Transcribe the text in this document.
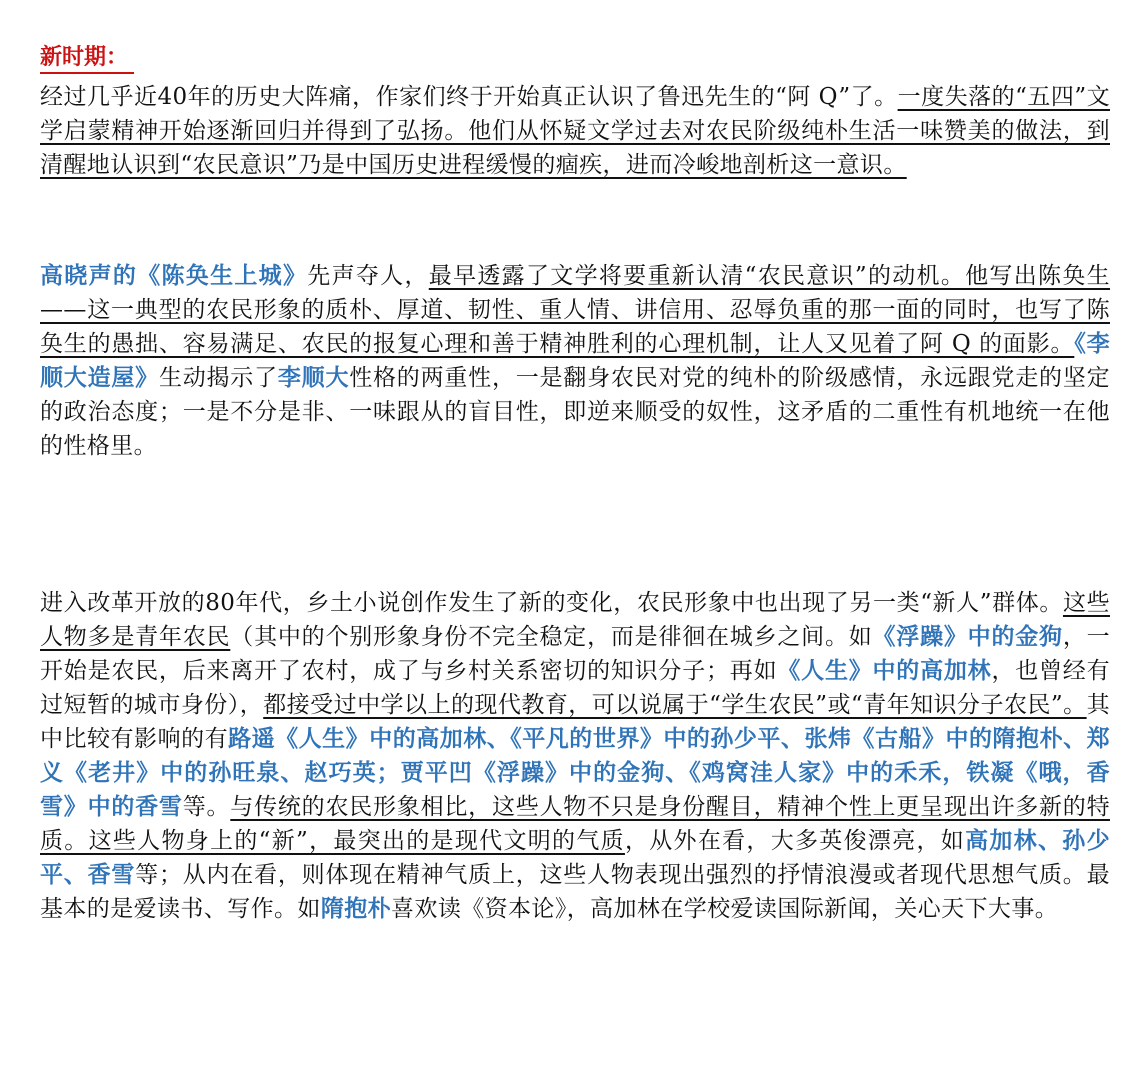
新时期：

经过几乎近40年的历史大阵痛，作家们终于开始真正认识了鲁迅先生的“阿 Q”了。一度失落的“五四”文学启蒙精神开始逐渐回归并得到了弘扬。他们从怀疑文学过去对农民阶级纯朴生活一味赞美的做法，到清醒地认识到“农民意识”乃是中国历史进程缓慢的痼疾，进而冷峻地剖析这一意识。

高晓声的《陈奂生上城》先声夺人，最早透露了文学将要重新认清“农民意识”的动机。他写出陈奂生——这一典型的农民形象的质朴、厚道、韧性、重人情、讲信用、忍辱负重的那一面的同时，也写了陈奂生的愚拙、容易满足、农民的报复心理和善于精神胜利的心理机制，让人又见着了阿 Q 的面影。《李顺大造屋》生动揭示了李顺大性格的两重性，一是翻身农民对党的纯朴的阶级感情，永远跟党走的坚定的政治态度；一是不分是非、一味跟从的盲目性，即逆来顺受的奴性，这矛盾的二重性有机地统一在他的性格里。

进入改革开放的80年代，乡土小说创作发生了新的变化，农民形象中也出现了另一类“新人”群体。这些人物多是青年农民（其中的个别形象身份不完全稳定，而是徘徊在城乡之间。如《浮躁》中的金狗，一开始是农民，后来离开了农村，成了与乡村关系密切的知识分子；再如《人生》中的高加林，也曾经有过短暂的城市身份），都接受过中学以上的现代教育，可以说属于“学生农民”或“青年知识分子农民”。其中比较有影响的有路遥《人生》中的高加林、《平凡的世界》中的孙少平、张炜《古船》中的隋抱朴、郑义《老井》中的孙旺泉、赵巧英；贾平凹《浮躁》中的金狗、《鸡窝洼人家》中的禾禾，铁凝《哦，香雪》中的香雪等。与传统的农民形象相比，这些人物不只是身份醒目，精神个性上更呈现出许多新的特质。这些人物身上的“新”，最突出的是现代文明的气质，从外在看，大多英俊漂亮，如高加林、孙少平、香雪等；从内在看，则体现在精神气质上，这些人物表现出强烈的抒情浪漫或者现代思想气质。最基本的是爱读书、写作。如隋抱朴喜欢读《资本论》，高加林在学校爱读国际新闻，关心天下大事。
